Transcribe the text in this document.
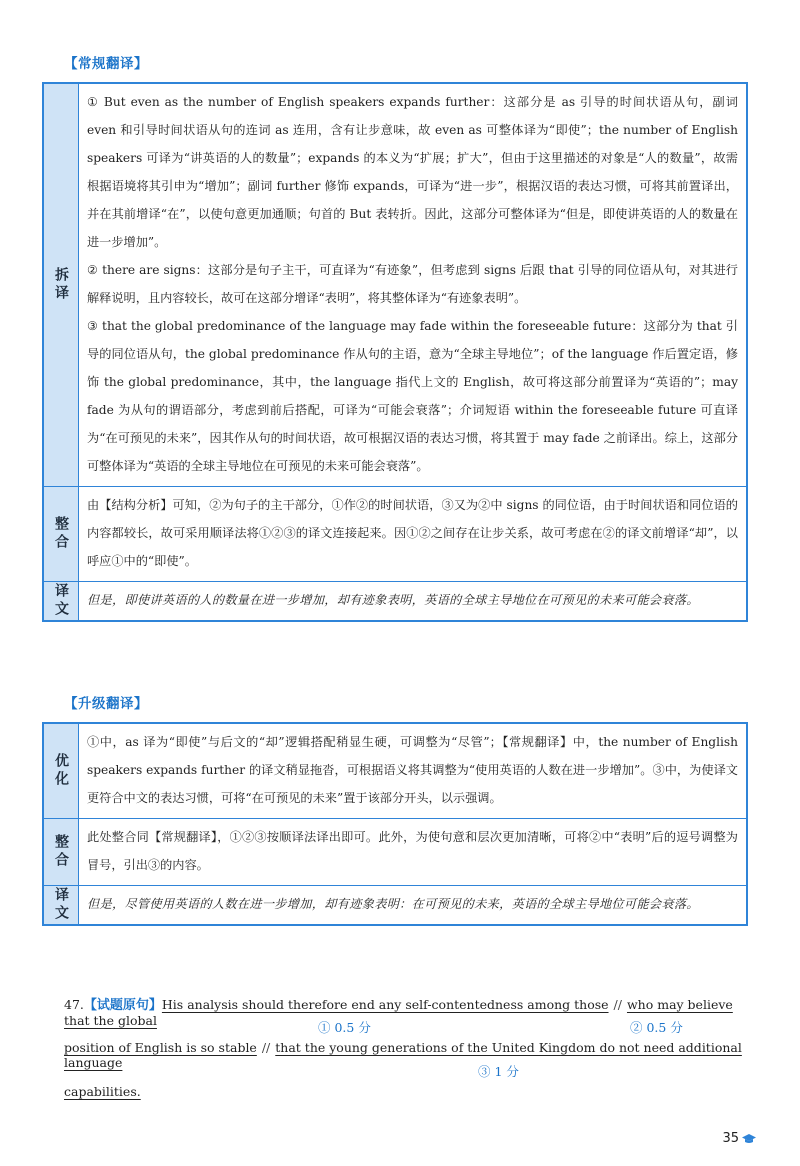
【常规翻译】
拆译

① But even as the number of English speakers expands further：这部分是 as 引导的时间状语从句，副词 even 和引导时间状语从句的连词 as 连用，含有让步意味，故 even as 可整体译为“即使”；the number of English speakers 可译为“讲英语的人的数量”；expands 的本义为“扩展；扩大”，但由于这里描述的对象是“人的数量”，故需根据语境将其引申为“增加”；副词 further 修饰 expands，可译为“进一步”，根据汉语的表达习惯，可将其前置译出，并在其前增译“在”，以使句意更加通顺；句首的 But 表转折。因此，这部分可整体译为“但是，即使讲英语的人的数量在进一步增加”。

② there are signs：这部分是句子主干，可直译为“有迹象”，但考虑到 signs 后跟 that 引导的同位语从句，对其进行解释说明，且内容较长，故可在这部分增译“表明”，将其整体译为“有迹象表明”。

③ that the global predominance of the language may fade within the foreseeable future：这部分为 that 引导的同位语从句，the global predominance 作从句的主语，意为“全球主导地位”；of the language 作后置定语，修饰 the global predominance，其中，the language 指代上文的 English，故可将这部分前置译为“英语的”；may fade 为从句的谓语部分，考虑到前后搭配，可译为“可能会衰落”；介词短语 within the foreseeable future 可直译为“在可预见的未来”，因其作从句的时间状语，故可根据汉语的表达习惯，将其置于 may fade 之前译出。综上，这部分可整体译为“英语的全球主导地位在可预见的未来可能会衰落”。

整合

由【结构分析】可知，②为句子的主干部分，①作②的时间状语，③又为②中 signs 的同位语，由于时间状语和同位语的内容都较长，故可采用顺译法将①②③的译文连接起来。因①②之间存在让步关系，故可考虑在②的译文前增译“却”，以呼应①中的“即使”。

译文 但是，即使讲英语的人的数量在进一步增加，却有迹象表明，英语的全球主导地位在可预见的未来可能会衰落。

【升级翻译】
优化

①中，as 译为“即使”与后文的“却”逻辑搭配稍显生硬，可调整为“尽管”；【常规翻译】中，the number of English speakers expands further 的译文稍显拖沓，可根据语义将其调整为“使用英语的人数在进一步增加”。③中，为使译文更符合中文的表达习惯，可将“在可预见的未来”置于该部分开头，以示强调。

整合 此处整合同【常规翻译】，①②③按顺译法译出即可。此外，为使句意和层次更加清晰，可将②中“表明”后的逗号调整为冒号，引出③的内容。

译文 但是，尽管使用英语的人数在进一步增加，却有迹象表明：在可预见的未来，英语的全球主导地位可能会衰落。

47.【试题原句】His analysis should therefore end any self-contentedness among those // who may believe that the global	① 0.5 分	② 0.5 分
position of English is so stable // that the young generations of the United Kingdom do not need additional language
③ 1 分
capabilities.
35
